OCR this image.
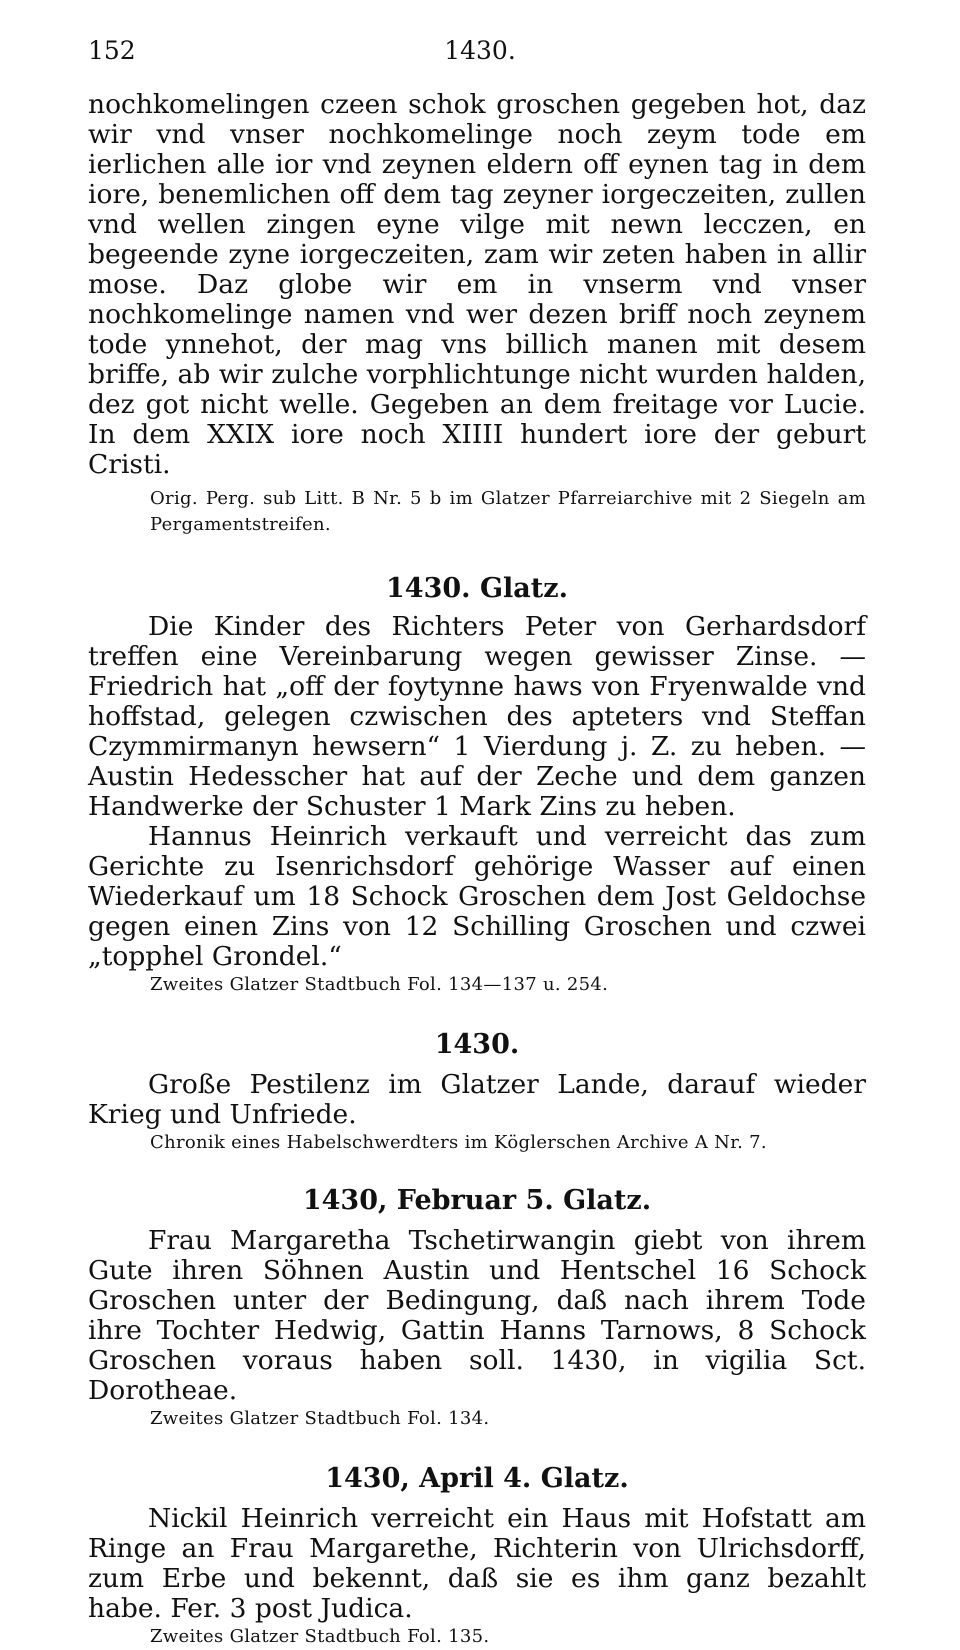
152	1430.

nochkomelingen czeen schok groschen gegeben hot, daz wir vnd vnser nochkomelinge noch zeym tode em ierlichen alle ior vnd zeynen eldern off eynen tag in dem iore, benemlichen off dem tag zeyner iorgeczeiten, zullen vnd wellen zingen eyne vilge mit newn lecczen, en begeende zyne iorgeczeiten, zam wir zeten haben in allir mose. Daz globe wir em in vnserm vnd vnser nochkomelinge namen vnd wer dezen briff noch zeynem tode ynnehot, der mag vns billich manen mit desem briffe, ab wir zulche vorphlichtunge nicht wurden halden, dez got nicht welle. Gegeben an dem freitage vor Lucie. In dem XXIX iore noch XIIII hundert iore der geburt Cristi.

Orig. Perg. sub Litt. B Nr. 5 b im Glatzer Pfarreiarchive mit 2 Siegeln am Pergamentstreifen.

1430. Glatz.

Die Kinder des Richters Peter von Gerhardsdorf treffen eine Vereinbarung wegen gewisser Zinse. — Friedrich hat „off der foytynne haws von Fryenwalde vnd hoffstad, gelegen czwischen des apteters vnd Steffan Czymmirmanyn hewsern“ 1 Vierdung j. Z. zu heben. — Austin Hedesscher hat auf der Zeche und dem ganzen Handwerke der Schuster 1 Mark Zins zu heben.

Hannus Heinrich verkauft und verreicht das zum Gerichte zu Isenrichsdorf gehörige Wasser auf einen Wiederkauf um 18 Schock Groschen dem Jost Geldochse gegen einen Zins von 12 Schilling Groschen und czwei „topphel Grondel.“

Zweites Glatzer Stadtbuch Fol. 134—137 u. 254.

1430.

Große Pestilenz im Glatzer Lande, darauf wieder Krieg und Unfriede.

Chronik eines Habelschwerdters im Köglerschen Archive A Nr. 7.

1430, Februar 5. Glatz.

Frau Margaretha Tschetirwangin giebt von ihrem Gute ihren Söhnen Austin und Hentschel 16 Schock Groschen unter der Bedingung, daß nach ihrem Tode ihre Tochter Hedwig, Gattin Hanns Tarnows, 8 Schock Groschen voraus haben soll. 1430, in vigilia Sct. Dorotheae.

Zweites Glatzer Stadtbuch Fol. 134.

1430, April 4. Glatz.

Nickil Heinrich verreicht ein Haus mit Hofstatt am Ringe an Frau Margarethe, Richterin von Ulrichsdorff, zum Erbe und bekennt, daß sie es ihm ganz bezahlt habe. Fer. 3 post Judica.

Zweites Glatzer Stadtbuch Fol. 135.
